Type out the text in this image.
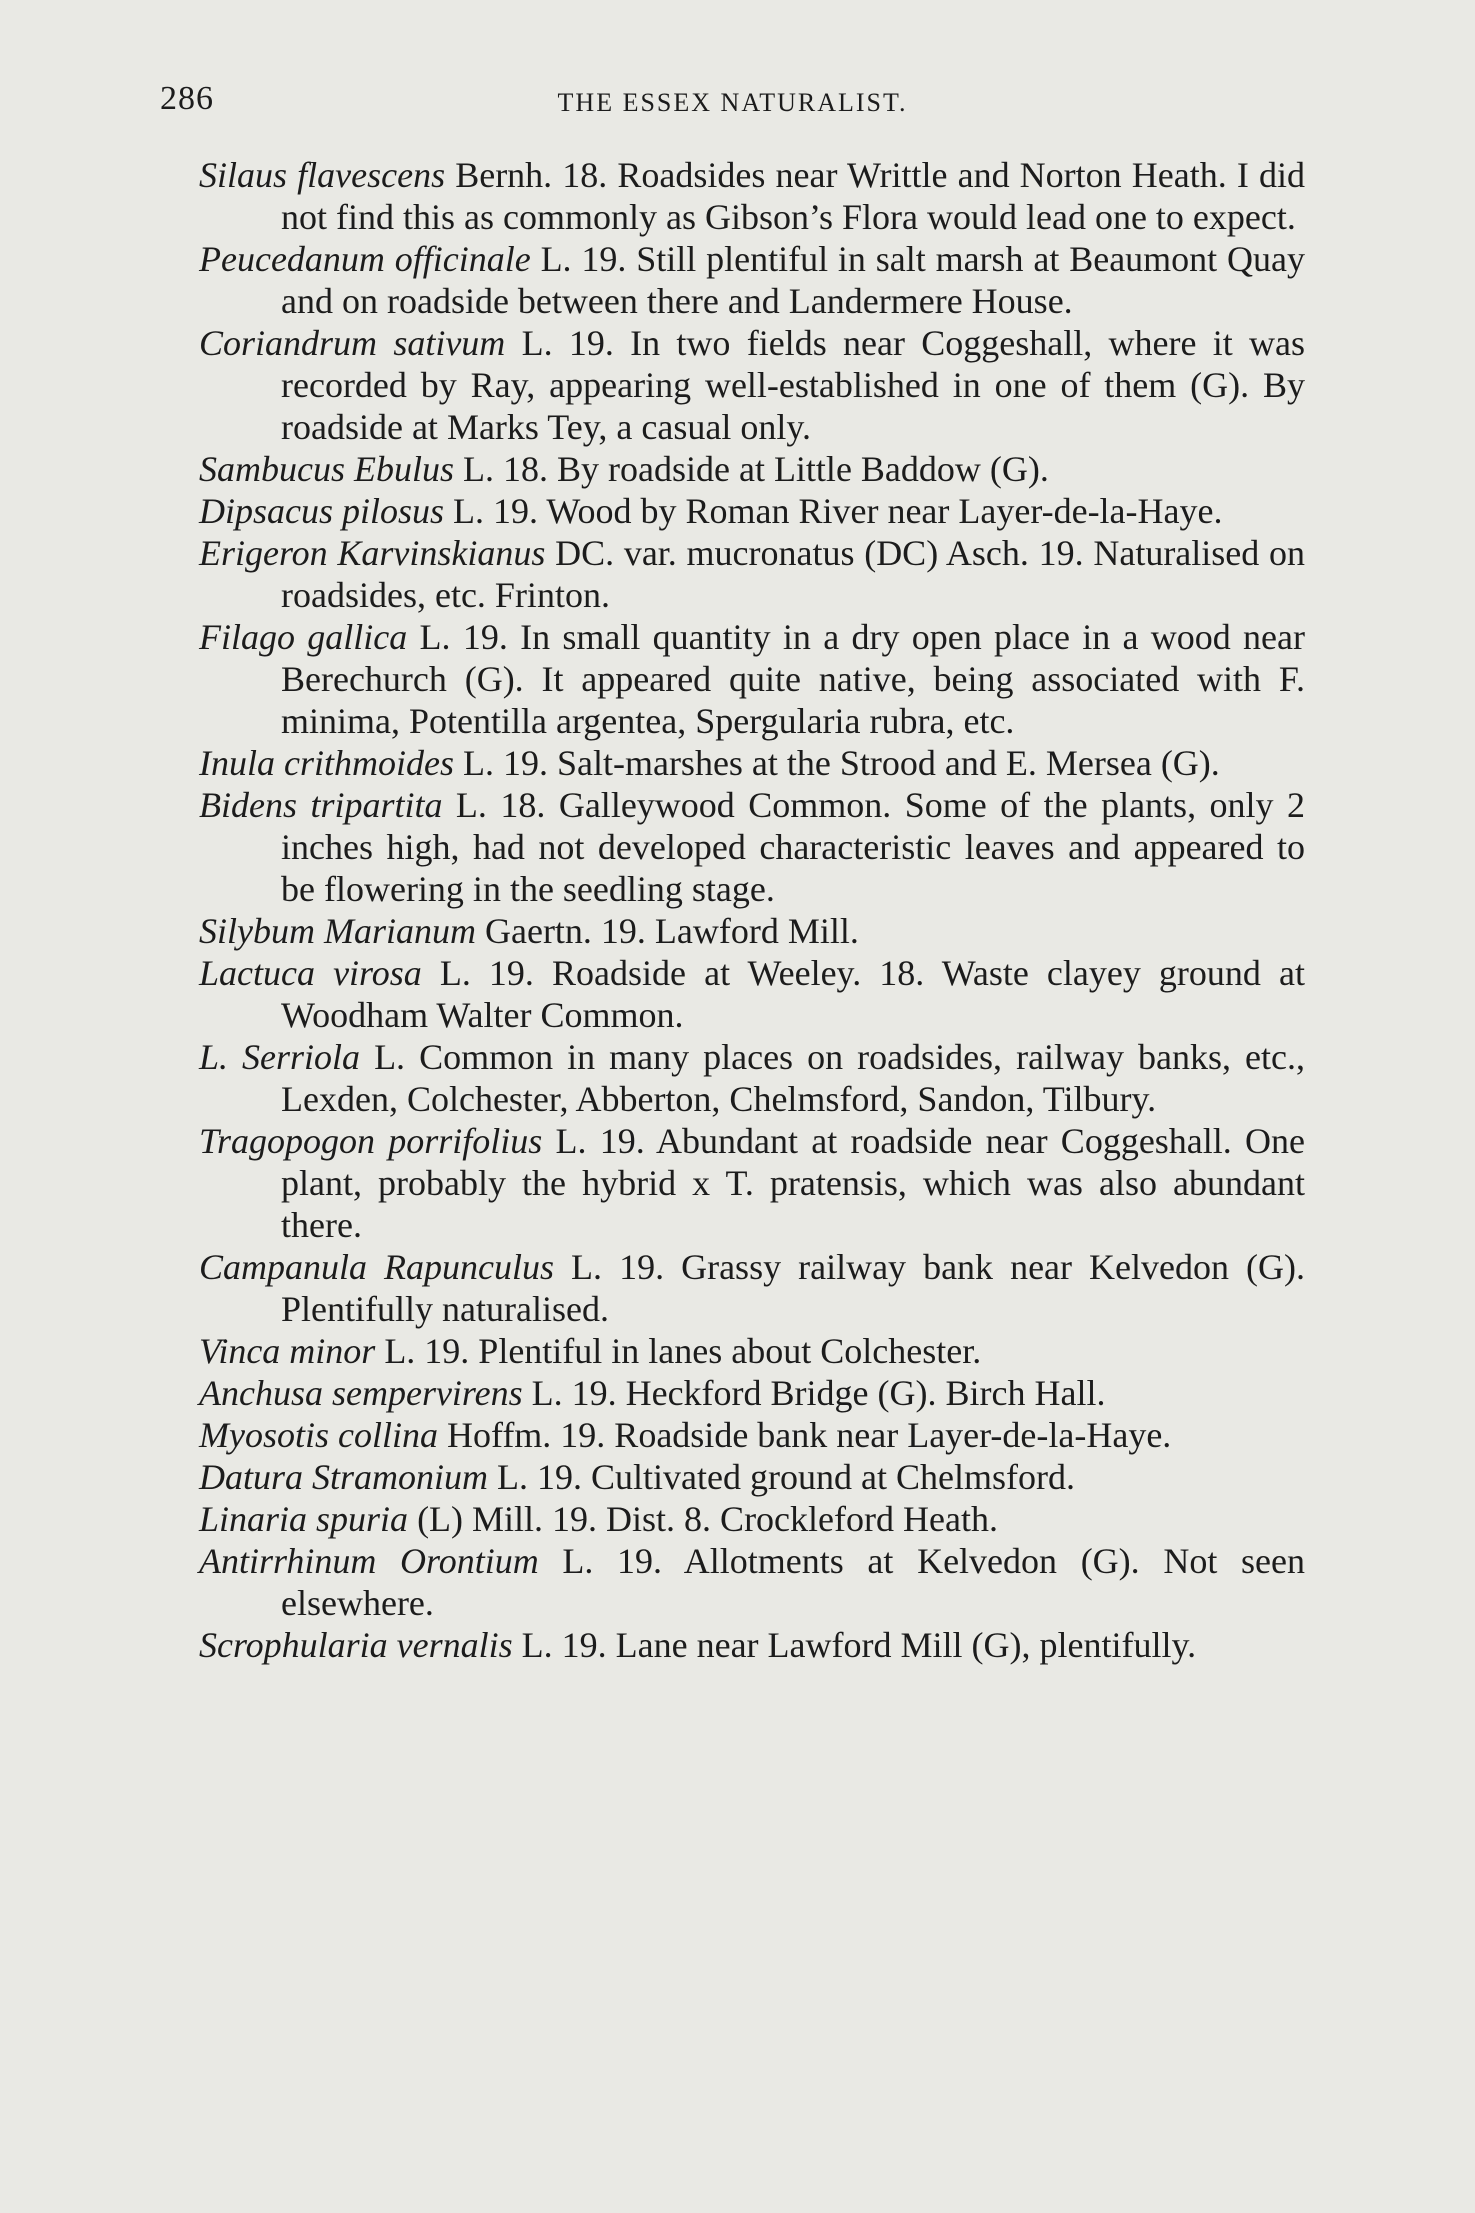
286	THE ESSEX NATURALIST.

Silaus flavescens Bernh. 18. Roadsides near Writtle and Norton Heath. I did not find this as commonly as Gibson’s Flora would lead one to expect.

Peucedanum officinale L. 19. Still plentiful in salt marsh at Beaumont Quay and on roadside between there and Landermere House.

Coriandrum sativum L. 19. In two fields near Coggeshall, where it was recorded by Ray, appearing well-established in one of them (G). By roadside at Marks Tey, a casual only.

Sambucus Ebulus L. 18. By roadside at Little Baddow (G).

Dipsacus pilosus L. 19. Wood by Roman River near Layer-de-la-Haye.

Erigeron Karvinskianus DC. var. mucronatus (DC) Asch. 19. Naturalised on roadsides, etc. Frinton.

Filago gallica L. 19. In small quantity in a dry open place in a wood near Berechurch (G). It appeared quite native, being associated with F. minima, Potentilla argentea, Spergularia rubra, etc.

Inula crithmoides L. 19. Salt-marshes at the Strood and E. Mersea (G).

Bidens tripartita L. 18. Galleywood Common. Some of the plants, only 2 inches high, had not developed characteristic leaves and appeared to be flowering in the seedling stage.

Silybum Marianum Gaertn. 19. Lawford Mill.

Lactuca virosa L. 19. Roadside at Weeley. 18. Waste clayey ground at Woodham Walter Common.

L. Serriola L. Common in many places on roadsides, railway banks, etc., Lexden, Colchester, Abberton, Chelmsford, Sandon, Tilbury.

Tragopogon porrifolius L. 19. Abundant at roadside near Coggeshall. One plant, probably the hybrid x T. pratensis, which was also abundant there.

Campanula Rapunculus L. 19. Grassy railway bank near Kelvedon (G). Plentifully naturalised.

Vinca minor L. 19. Plentiful in lanes about Colchester.

Anchusa sempervirens L. 19. Heckford Bridge (G). Birch Hall.

Myosotis collina Hoffm. 19. Roadside bank near Layer-de-la-Haye.

Datura Stramonium L. 19. Cultivated ground at Chelmsford.

Linaria spuria (L) Mill. 19. Dist. 8. Crockleford Heath.

Antirrhinum Orontium L. 19. Allotments at Kelvedon (G). Not seen elsewhere.

Scrophularia vernalis L. 19. Lane near Lawford Mill (G), plentifully.
